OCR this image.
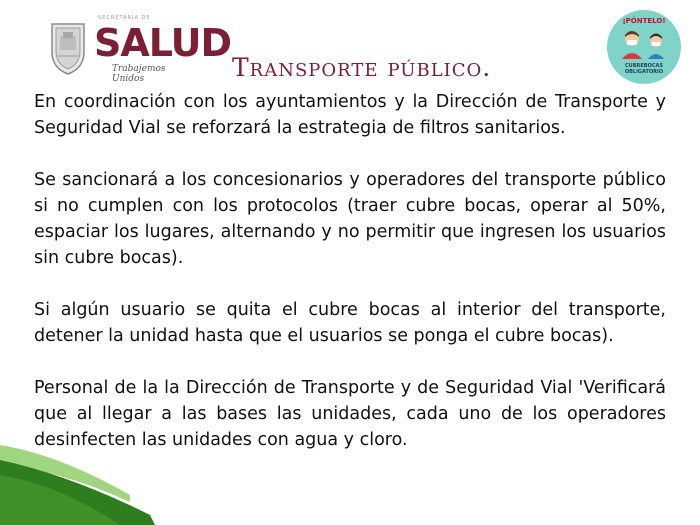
SECRETARÍA DE
SALUD
Trabajemos Unidos	Transporte público.
¡PÓNTELO!
CUBREBOCAS
OBLIGATORIO

En coordinación con los ayuntamientos y la Dirección de Transporte y Seguridad Vial se reforzará la estrategia de filtros sanitarios.

Se sancionará a los concesionarios y operadores del transporte público si no cumplen con los protocolos (traer cubre bocas, operar al 50%, espaciar los lugares, alternando y no permitir que ingresen los usuarios sin cubre bocas).

Si algún usuario se quita el cubre bocas al interior del transporte, detener la unidad hasta que el usuarios se ponga el cubre bocas).

Personal de la la Dirección de Transporte y de Seguridad Vial 'Verificará que al llegar a las bases las unidades, cada uno de los operadores desinfecten las unidades con agua y cloro.
